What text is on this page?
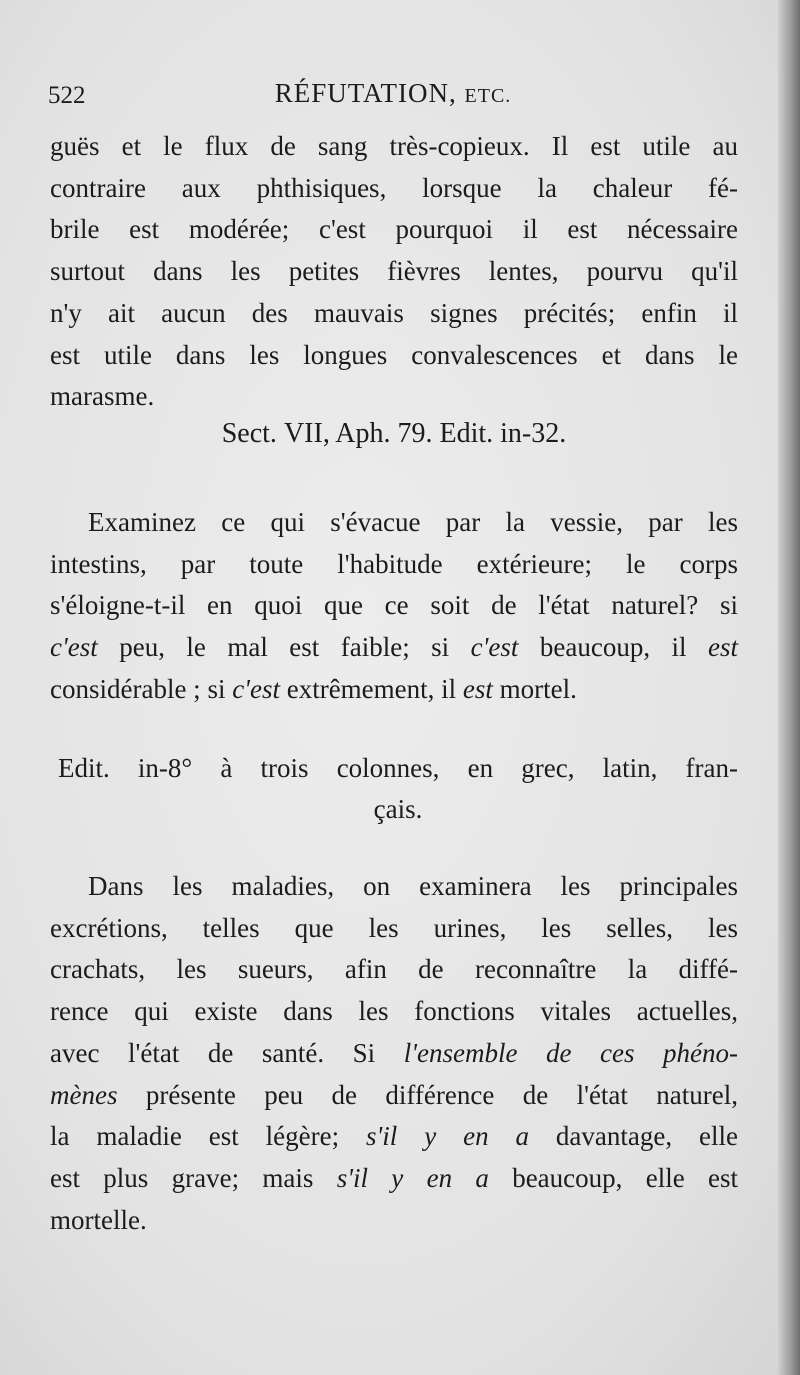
522	RÉFUTATION, ETC.
guës et le flux de sang très-copieux. Il est utile au
contraire aux phthisiques, lorsque la chaleur fé-
brile est modérée; c'est pourquoi il est nécessaire
surtout dans les petites fièvres lentes, pourvu qu'il
n'y ait aucun des mauvais signes précités; enfin il
est utile dans les longues convalescences et dans le
marasme.
Sect. VII, Aph. 79. Edit. in-32.
Examinez ce qui s'évacue par la vessie, par les
intestins, par toute l'habitude extérieure; le corps
s'éloigne-t-il en quoi que ce soit de l'état naturel? si
c'est peu, le mal est faible; si c'est beaucoup, il est
considérable ; si c'est extrêmement, il est mortel.
Edit. in-8° à trois colonnes, en grec, latin, fran-
çais.
Dans les maladies, on examinera les principales
excrétions, telles que les urines, les selles, les
crachats, les sueurs, afin de reconnaître la diffé-
rence qui existe dans les fonctions vitales actuelles,
avec l'état de santé. Si l'ensemble de ces phéno-
mènes présente peu de différence de l'état naturel,
la maladie est légère; s'il y en a davantage, elle
est plus grave; mais s'il y en a beaucoup, elle est
mortelle.
